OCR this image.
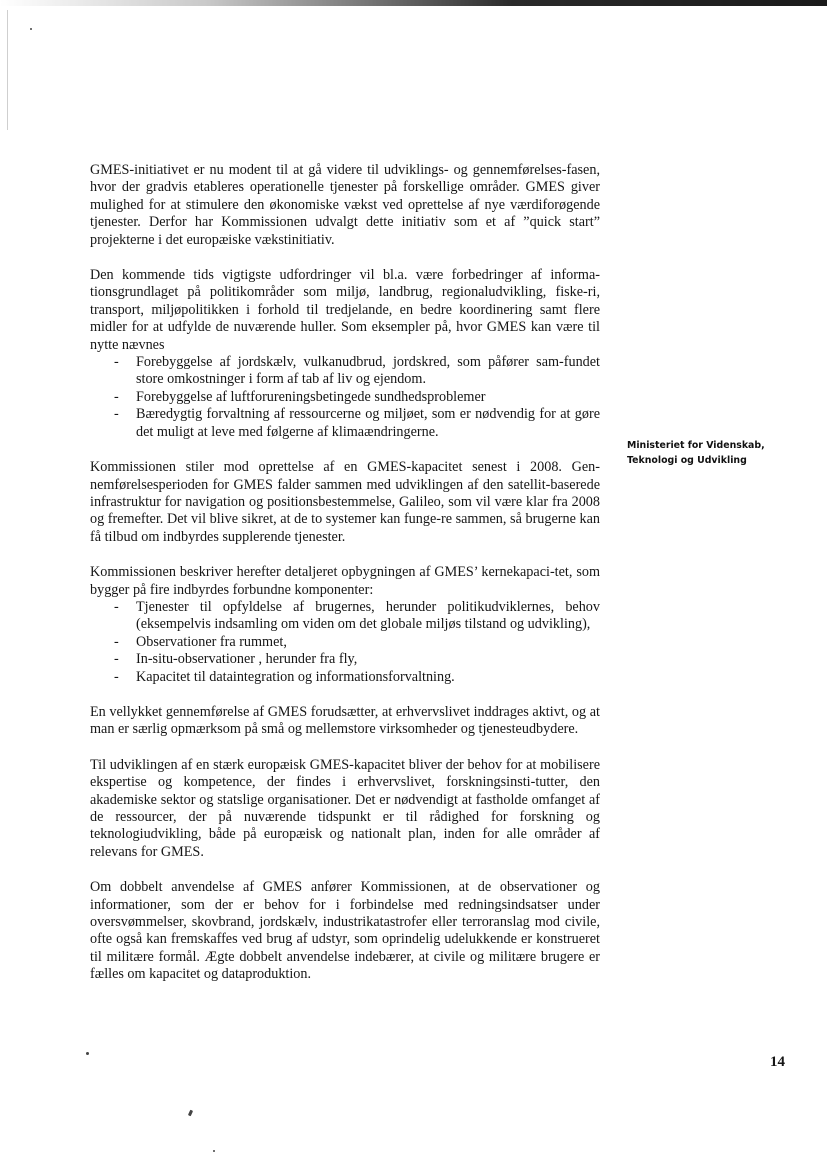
GMES-initiativet er nu modent til at gå videre til udviklings- og gennemførelses-fasen, hvor der gradvis etableres operationelle tjenester på forskellige områder. GMES giver mulighed for at stimulere den økonomiske vækst ved oprettelse af nye værdiforøgende tjenester. Derfor har Kommissionen udvalgt dette initiativ som et af ”quick start” projekterne i det europæiske vækstinitiativ.

Den kommende tids vigtigste udfordringer vil bl.a. være forbedringer af informa-tionsgrundlaget på politikområder som miljø, landbrug, regionaludvikling, fiske-ri, transport, miljøpolitikken i forhold til tredjelande, en bedre koordinering samt flere midler for at udfylde de nuværende huller. Som eksempler på, hvor GMES kan være til nytte nævnes

- Forebyggelse af jordskælv, vulkanudbrud, jordskred, som påfører sam-fundet store omkostninger i form af tab af liv og ejendom.
- Forebyggelse af luftforureningsbetingede sundhedsproblemer
- Bæredygtig forvaltning af ressourcerne og miljøet, som er nødvendig for at gøre det muligt at leve med følgerne af klimaændringerne.

Kommissionen stiler mod oprettelse af en GMES-kapacitet senest i 2008. Gen-nemførelsesperioden for GMES falder sammen med udviklingen af den satellit-baserede infrastruktur for navigation og positionsbestemmelse, Galileo, som vil være klar fra 2008 og fremefter. Det vil blive sikret, at de to systemer kan funge-re sammen, så brugerne kan få tilbud om indbyrdes supplerende tjenester.

Kommissionen beskriver herefter detaljeret opbygningen af GMES’ kernekapaci-tet, som bygger på fire indbyrdes forbundne komponenter:

- Tjenester til opfyldelse af brugernes, herunder politikudviklernes, behov (eksempelvis indsamling om viden om det globale miljøs tilstand og udvikling),
- Observationer fra rummet,
- In-situ-observationer , herunder fra fly,
- Kapacitet til dataintegration og informationsforvaltning.

En vellykket gennemførelse af GMES forudsætter, at erhvervslivet inddrages aktivt, og at man er særlig opmærksom på små og mellemstore virksomheder og tjenesteudbydere.

Til udviklingen af en stærk europæisk GMES-kapacitet bliver der behov for at mobilisere ekspertise og kompetence, der findes i erhvervslivet, forskningsinsti-tutter, den akademiske sektor og statslige organisationer. Det er nødvendigt at fastholde omfanget af de ressourcer, der på nuværende tidspunkt er til rådighed for forskning og teknologiudvikling, både på europæisk og nationalt plan, inden for alle områder af relevans for GMES.

Om dobbelt anvendelse af GMES anfører Kommissionen, at de observationer og informationer, som der er behov for i forbindelse med redningsindsatser under oversvømmelser, skovbrand, jordskælv, industrikatastrofer eller terroranslag mod civile, ofte også kan fremskaffes ved brug af udstyr, som oprindelig udelukkende er konstrueret til militære formål. Ægte dobbelt anvendelse indebærer, at civile og militære brugere er fælles om kapacitet og dataproduktion.

Ministeriet for Videnskab,
Teknologi og Udvikling
14
